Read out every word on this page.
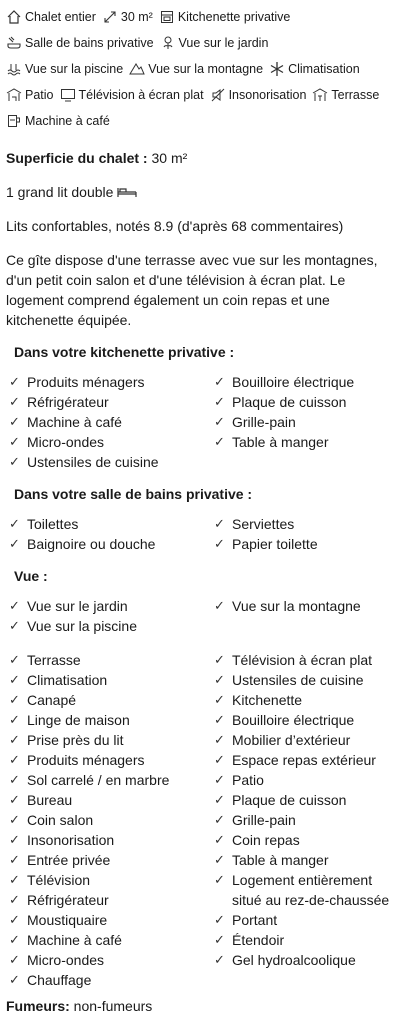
Chalet entier 30 m² Kitchenette privative
Salle de bains privative Vue sur le jardin
Vue sur la piscine Vue sur la montagne Climatisation
Patio Télévision à écran plat Insonorisation Terrasse
Machine à café
Superficie du chalet : 30 m²
1 grand lit double
Lits confortables, notés 8.9 (d'après 68 commentaires)
Ce gîte dispose d'une terrasse avec vue sur les montagnes, d'un petit coin salon et d'une télévision à écran plat. Le logement comprend également un coin repas et une kitchenette équipée.
Dans votre kitchenette privative :
✓ Produits ménagers
✓ Réfrigérateur
✓ Machine à café
✓ Micro-ondes
✓ Ustensiles de cuisine
✓ Bouilloire électrique
✓ Plaque de cuisson
✓ Grille-pain
✓ Table à manger
Dans votre salle de bains privative :
✓ Toilettes
✓ Baignoire ou douche
✓ Serviettes
✓ Papier toilette
Vue :
✓ Vue sur le jardin
✓ Vue sur la piscine
✓ Vue sur la montagne
✓ Terrasse
✓ Climatisation
✓ Canapé
✓ Linge de maison
✓ Prise près du lit
✓ Produits ménagers
✓ Sol carrelé / en marbre
✓ Bureau
✓ Coin salon
✓ Insonorisation
✓ Entrée privée
✓ Télévision
✓ Réfrigérateur
✓ Moustiquaire
✓ Machine à café
✓ Micro-ondes
✓ Chauffage
✓ Télévision à écran plat
✓ Ustensiles de cuisine
✓ Kitchenette
✓ Bouilloire électrique
✓ Mobilier d’extérieur
✓ Espace repas extérieur
✓ Patio
✓ Plaque de cuisson
✓ Grille-pain
✓ Coin repas
✓ Table à manger
✓ Logement entièrement situé au rez-de-chaussée
✓ Portant
✓ Étendoir
✓ Gel hydroalcoolique
Fumeurs: non-fumeurs
